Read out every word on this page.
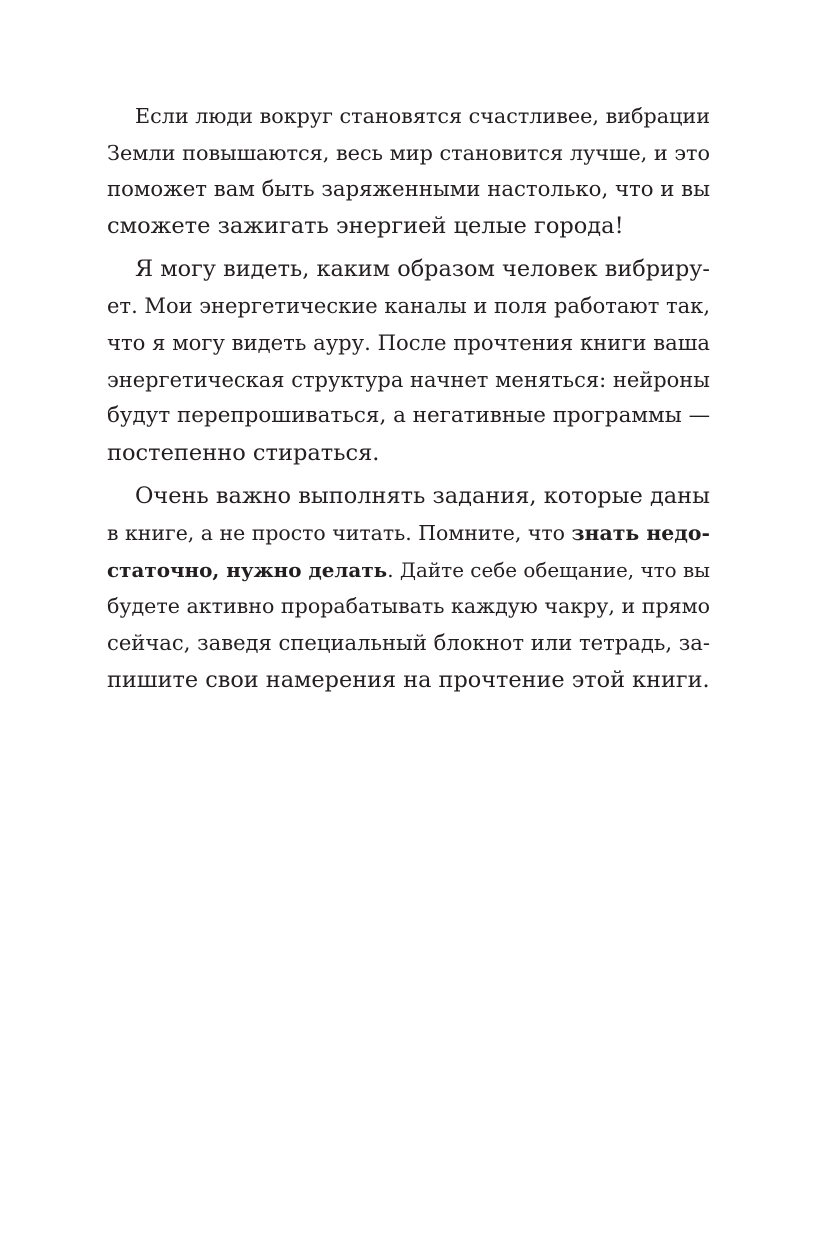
Если люди вокруг становятся счастливее, вибрации
Земли повышаются, весь мир становится лучше, и это
поможет вам быть заряженными настолько, что и вы
сможете зажигать энергией целые города!
Я могу видеть, каким образом человек вибриру-
ет. Мои энергетические каналы и поля работают так,
что я могу видеть ауру. После прочтения книги ваша
энергетическая структура начнет меняться: нейроны
будут перепрошиваться, а негативные программы —
постепенно стираться.
Очень важно выполнять задания, которые даны
в книге, а не просто читать. Помните, что знать недо-
статочно, нужно делать. Дайте себе обещание, что вы
будете активно прорабатывать каждую чакру, и прямо
сейчас, заведя специальный блокнот или тетрадь, за-
пишите свои намерения на прочтение этой книги.
